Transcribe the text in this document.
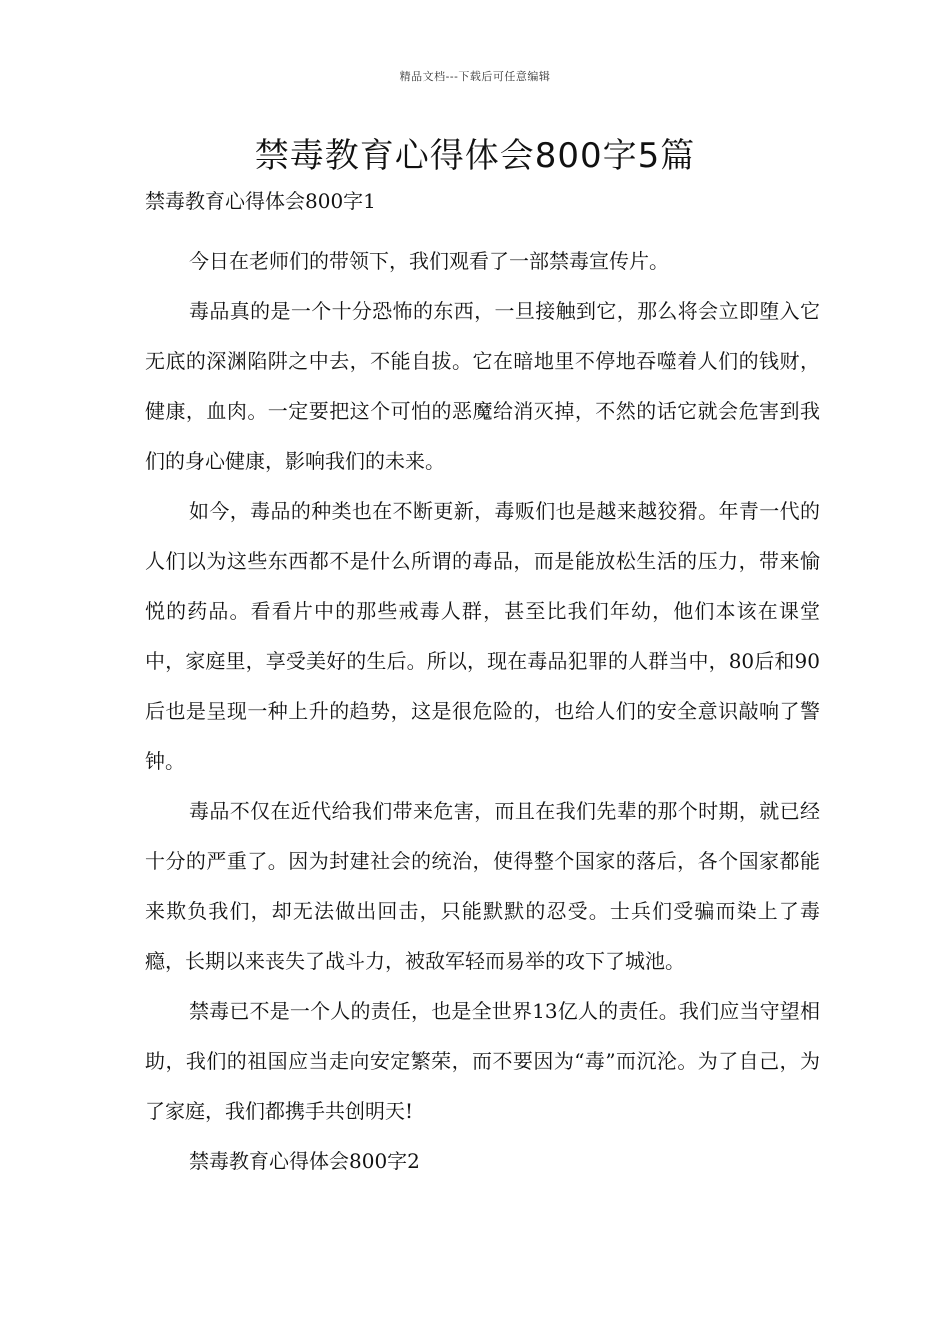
精品文档---下载后可任意编辑
禁毒教育心得体会800字5篇
禁毒教育心得体会800字1

今日在老师们的带领下，我们观看了一部禁毒宣传片。

毒品真的是一个十分恐怖的东西，一旦接触到它，那么将会立即堕入它无底的深渊陷阱之中去，不能自拔。它在暗地里不停地吞噬着人们的钱财，健康，血肉。一定要把这个可怕的恶魔给消灭掉，不然的话它就会危害到我们的身心健康，影响我们的未来。

如今，毒品的种类也在不断更新，毒贩们也是越来越狡猾。年青一代的人们以为这些东西都不是什么所谓的毒品，而是能放松生活的压力，带来愉悦的药品。看看片中的那些戒毒人群，甚至比我们年幼，他们本该在课堂中，家庭里，享受美好的生后。所以，现在毒品犯罪的人群当中，80后和90后也是呈现一种上升的趋势，这是很危险的，也给人们的安全意识敲响了警钟。

毒品不仅在近代给我们带来危害，而且在我们先辈的那个时期，就已经十分的严重了。因为封建社会的统治，使得整个国家的落后，各个国家都能来欺负我们，却无法做出回击，只能默默的忍受。士兵们受骗而染上了毒瘾，长期以来丧失了战斗力，被敌军轻而易举的攻下了城池。

禁毒已不是一个人的责任，也是全世界13亿人的责任。我们应当守望相助，我们的祖国应当走向安定繁荣，而不要因为“毒”而沉沦。为了自己，为了家庭，我们都携手共创明天!

禁毒教育心得体会800字2
